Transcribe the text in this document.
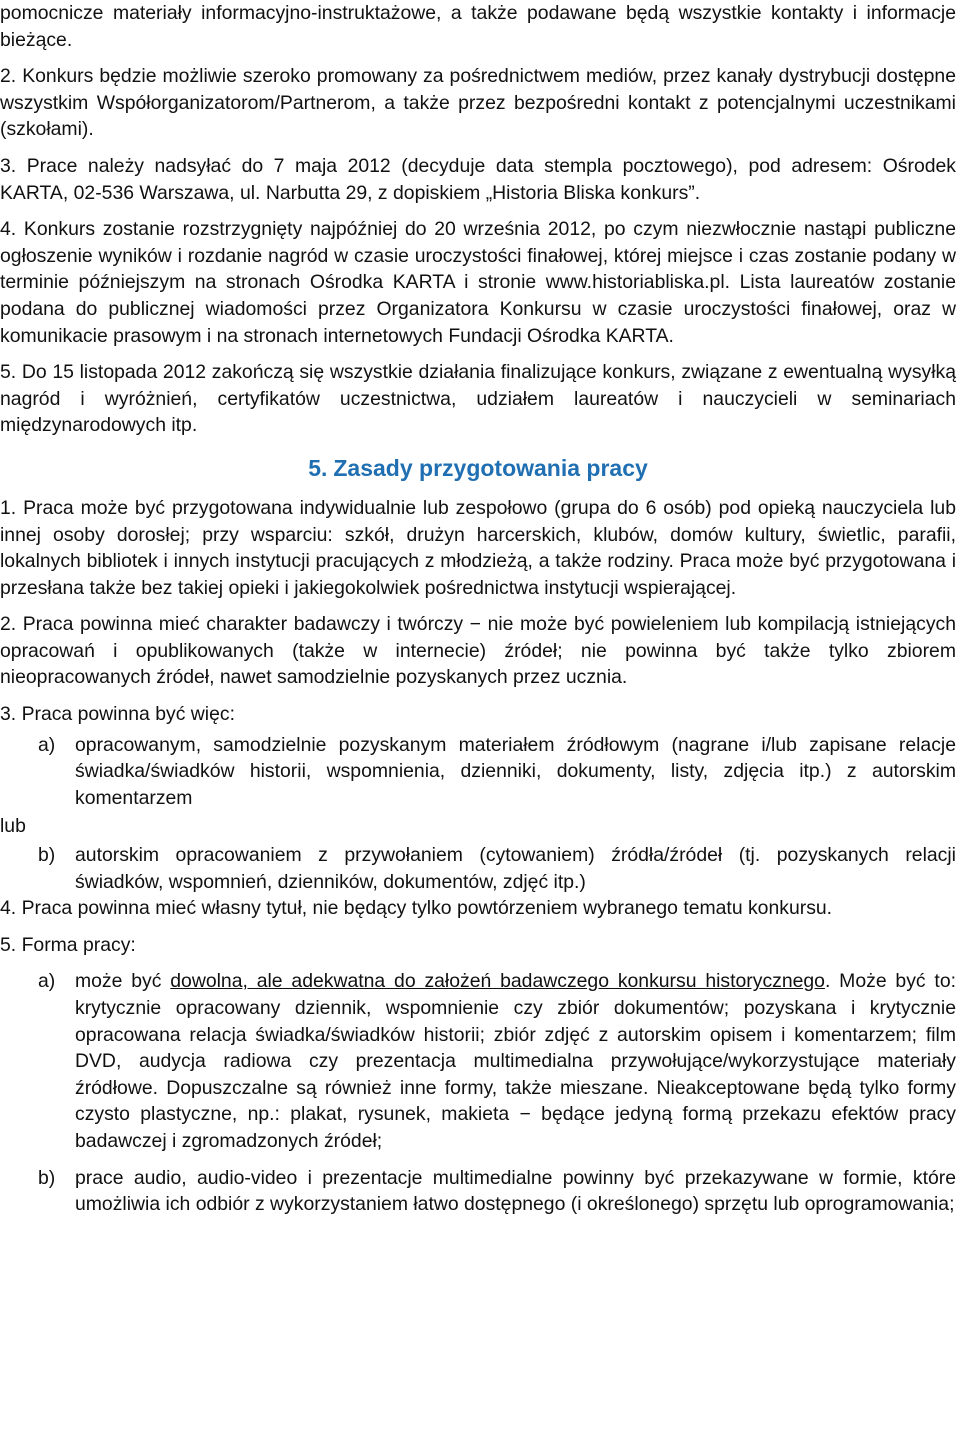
pomocnicze materiały informacyjno-instruktażowe, a także podawane będą wszystkie kontakty i informacje bieżące.

2. Konkurs będzie możliwie szeroko promowany za pośrednictwem mediów, przez kanały dystrybucji dostępne wszystkim Współorganizatorom/Partnerom, a także przez bezpośredni kontakt z potencjalnymi uczestnikami (szkołami).

3. Prace należy nadsyłać do 7 maja 2012 (decyduje data stempla pocztowego), pod adresem: Ośrodek KARTA, 02-536 Warszawa, ul. Narbutta 29, z dopiskiem „Historia Bliska konkurs”.

4. Konkurs zostanie rozstrzygnięty najpóźniej do 20 września 2012, po czym niezwłocznie nastąpi publiczne ogłoszenie wyników i rozdanie nagród w czasie uroczystości finałowej, której miejsce i czas zostanie podany w terminie późniejszym na stronach Ośrodka KARTA i stronie www.historiabliska.pl. Lista laureatów zostanie podana do publicznej wiadomości przez Organizatora Konkursu w czasie uroczystości finałowej, oraz w komunikacie prasowym i na stronach internetowych Fundacji Ośrodka KARTA.

5. Do 15 listopada 2012 zakończą się wszystkie działania finalizujące konkurs, związane z ewentualną wysyłką nagród i wyróżnień, certyfikatów uczestnictwa, udziałem laureatów i nauczycieli w seminariach międzynarodowych itp.

5. Zasady przygotowania pracy

1. Praca może być przygotowana indywidualnie lub zespołowo (grupa do 6 osób) pod opieką nauczyciela lub innej osoby dorosłej; przy wsparciu: szkół, drużyn harcerskich, klubów, domów kultury, świetlic, parafii, lokalnych bibliotek i innych instytucji pracujących z młodzieżą, a także rodziny. Praca może być przygotowana i przesłana także bez takiej opieki i jakiegokolwiek pośrednictwa instytucji wspierającej.

2. Praca powinna mieć charakter badawczy i twórczy − nie może być powieleniem lub kompilacją istniejących opracowań i opublikowanych (także w internecie) źródeł; nie powinna być także tylko zbiorem nieopracowanych źródeł, nawet samodzielnie pozyskanych przez ucznia.

3. Praca powinna być więc:

a) opracowanym, samodzielnie pozyskanym materiałem źródłowym (nagrane i/lub zapisane relacje świadka/świadków historii, wspomnienia, dzienniki, dokumenty, listy, zdjęcia itp.) z autorskim komentarzem

lub

b) autorskim opracowaniem z przywołaniem (cytowaniem) źródła/źródeł (tj. pozyskanych relacji świadków, wspomnień, dzienników, dokumentów, zdjęć itp.)

4. Praca powinna mieć własny tytuł, nie będący tylko powtórzeniem wybranego tematu konkursu.

5. Forma pracy:

a) może być dowolna, ale adekwatna do założeń badawczego konkursu historycznego. Może być to: krytycznie opracowany dziennik, wspomnienie czy zbiór dokumentów; pozyskana i krytycznie opracowana relacja świadka/świadków historii; zbiór zdjęć z autorskim opisem i komentarzem; film DVD, audycja radiowa czy prezentacja multimedialna przywołujące/wykorzystujące materiały źródłowe. Dopuszczalne są również inne formy, także mieszane. Nieakceptowane będą tylko formy czysto plastyczne, np.: plakat, rysunek, makieta − będące jedyną formą przekazu efektów pracy badawczej i zgromadzonych źródeł;
b) prace audio, audio-video i prezentacje multimedialne powinny być przekazywane w formie, które umożliwia ich odbiór z wykorzystaniem łatwo dostępnego (i określonego) sprzętu lub oprogramowania;
